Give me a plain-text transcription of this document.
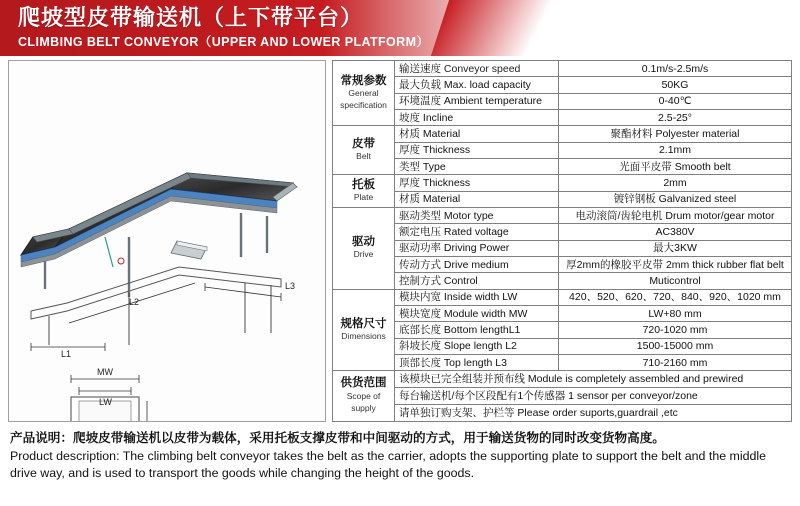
爬坡型皮带输送机（上下带平台）
CLIMBING BELT CONVEYOR（UPPER AND LOWER PLATFORM）
L3
L2
L1
MW
LW
常规参数
General specification	输送速度 Conveyor speed	0.1m/s-2.5m/s
	最大负载 Max. load capacity	50KG
	环境温度 Ambient temperature	0-40℃
	坡度 Incline	2.5-25°
皮带
Belt	材质 Material	聚酯材料 Polyester material
	厚度 Thickness	2.1mm
	类型 Type	光面平皮带 Smooth belt
托板
Plate	厚度 Thickness	2mm
	材质 Material	镀锌钢板 Galvanized steel
驱动
Drive	驱动类型 Motor type	电动滚筒/齿轮电机 Drum motor/gear motor
	额定电压 Rated voltage	AC380V
	驱动功率 Driving Power	最大3KW
	传动方式 Drive medium	厚2mm的橡胶平皮带 2mm thick rubber flat belt
	控制方式 Control	Muticontrol
规格尺寸
Dimensions	模块内宽 Inside width LW	420、520、620、720、840、920、1020 mm
	模块宽度 Module width MW	LW+80 mm
	底部长度 Bottom lengthL1	720-1020 mm
	斜坡长度 Slope length L2	1500-15000 mm
	顶部长度 Top length L3	710-2160 mm
供货范围
Scope of supply	该模块已完全组装并预布线 Module is completely assembled and prewired	
	每台输送机/每个区段配有1个传感器 1 sensor per conveyor/zone	
	请单独订购支架、护栏等 Please order suports,guardrail ,etc	
产品说明：爬坡皮带输送机以皮带为载体，采用托板支撑皮带和中间驱动的方式，用于输送货物的同时改变货物高度。
Product description: The climbing belt conveyor takes the belt as the carrier, adopts the supporting plate to support the belt and the middle drive way, and is used to transport the goods while changing the height of the goods.
